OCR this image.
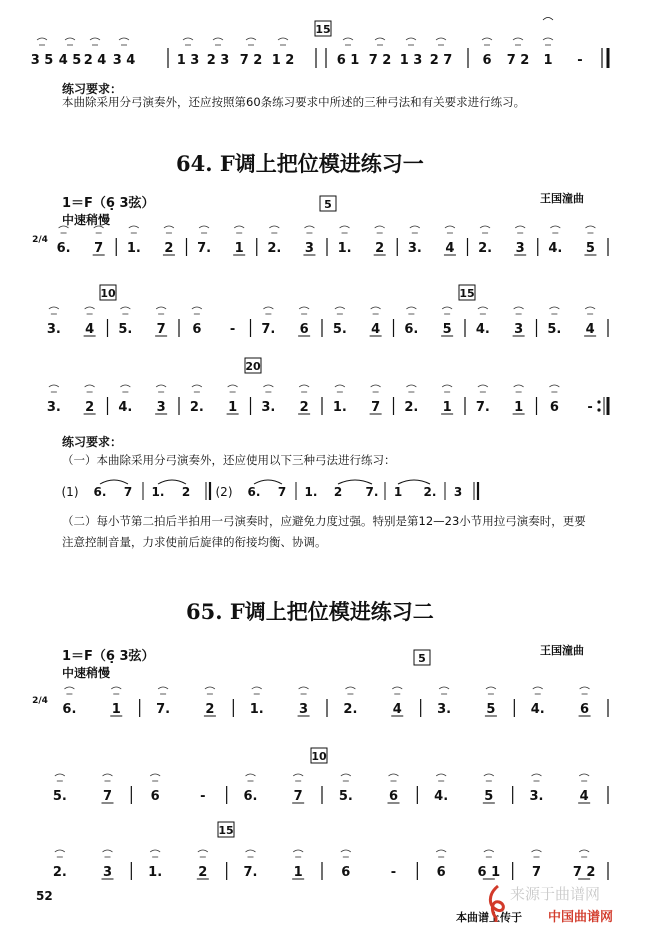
3 5 4 5 2 4 3 4	1 3 2 3 7 2 1 2	6 1 7 2 1 3 2 7 6 7 2 1 -
15
2/4
6. 7 1. 2 7. 1 2. 3 1. 2 3. 4 2. 3 4. 5
5
3. 4 5. 7 6 - 7. 6 5. 4 6. 5 4. 3 5. 4
10	15
3. 2 4. 3 2. 1 3. 2 1. 7 2. 1 7. 1 6 -
20
(1) 6. 7 1. 2 (2) 6. 7 1. 2 7. 1 2. 3
2/4
6.	1	7.	2	1.	3	2.	4	3.	5	4.	6
5
5.	7	6	-	6.	7	5.	6	4.	5	3.	4
10
2.	3	1.	2	7.	1	6	-	6 6 1 7 7 2
15
练习要求：
本曲除采用分弓演奏外，还应按照第60条练习要求中所述的三种弓法和有关要求进行练习。
64. F调上把位模进练习一
1＝F（6̣ 3弦）	王国潼曲
中速稍慢
练习要求：
（一）本曲除采用分弓演奏外，还应使用以下三种弓法进行练习：
（二）每小节第二拍后半拍用一弓演奏时，应避免力度过强。特别是第12—23小节用拉弓演奏时，更要
注意控制音量，力求使前后旋律的衔接均衡、协调。
65. F调上把位模进练习二
1＝F（6̣ 3弦）	王国潼曲
中速稍慢
52
本曲谱上传于
来源于曲谱网
中国曲谱网
